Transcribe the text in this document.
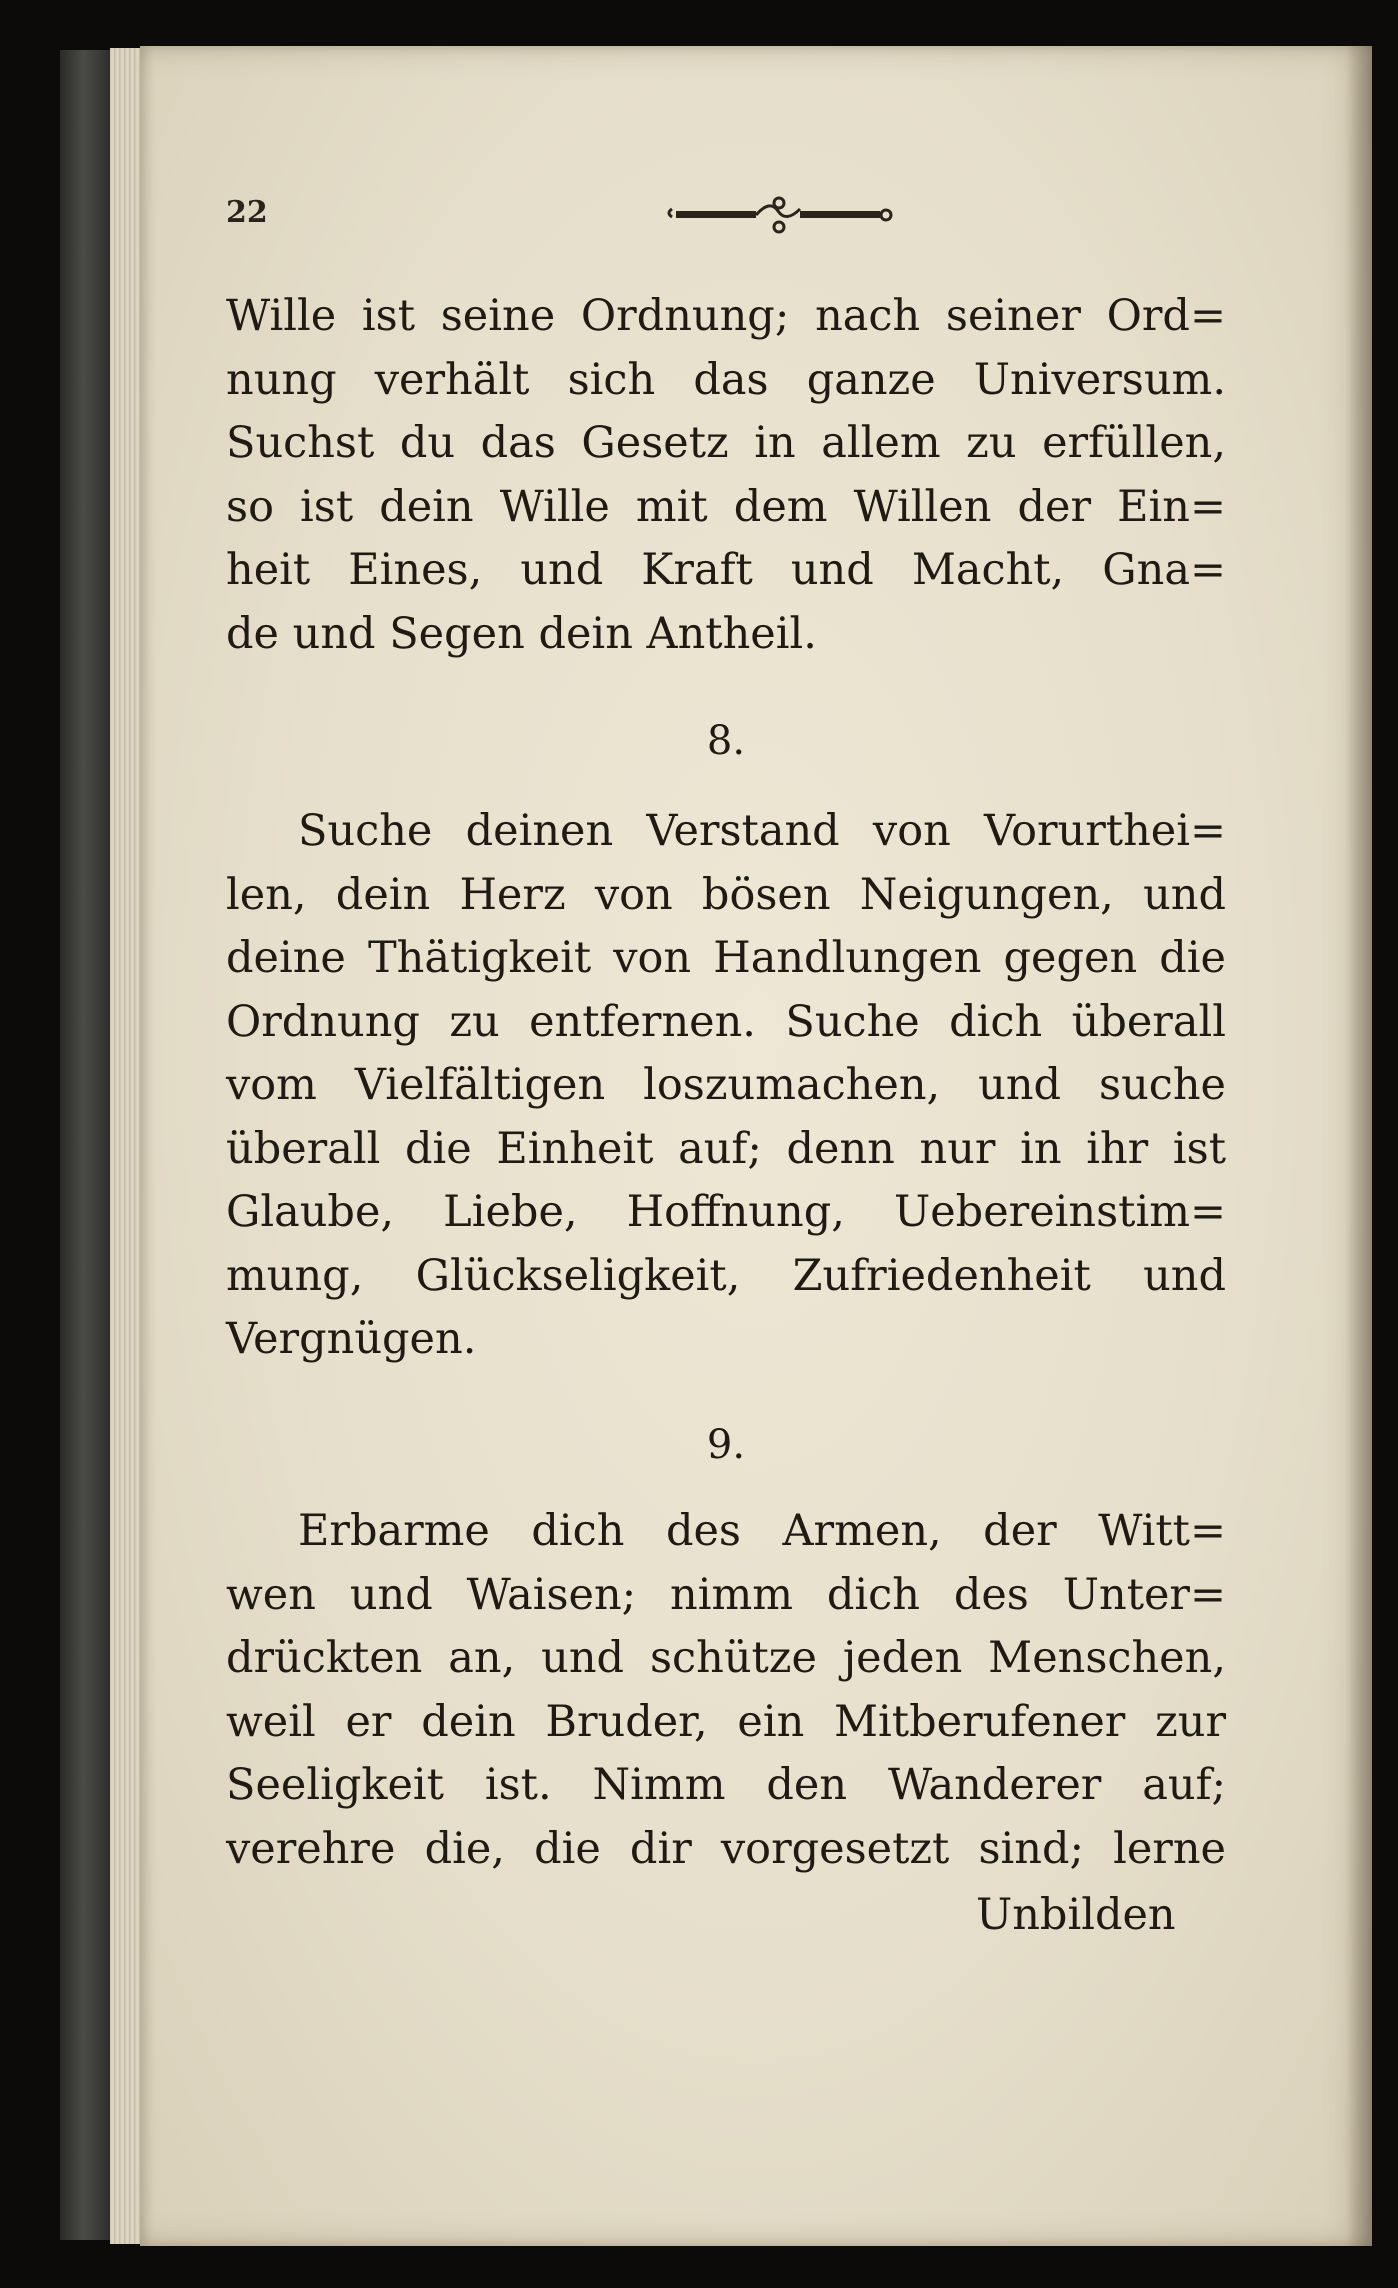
22
Wille ist seine Ordnung; nach seiner Ord=
nung verhält sich das ganze Universum.
Suchst du das Gesetz in allem zu erfüllen,
so ist dein Wille mit dem Willen der Ein=
heit Eines, und Kraft und Macht, Gna=
de und Segen dein Antheil.
8.
Suche deinen Verstand von Vorurthei=
len, dein Herz von bösen Neigungen, und
deine Thätigkeit von Handlungen gegen die
Ordnung zu entfernen. Suche dich überall
vom Vielfältigen loszumachen, und suche
überall die Einheit auf; denn nur in ihr ist
Glaube, Liebe, Hoffnung, Uebereinstim=
mung, Glückseligkeit, Zufriedenheit und
Vergnügen.
9.
Erbarme dich des Armen, der Witt=
wen und Waisen; nimm dich des Unter=
drückten an, und schütze jeden Menschen,
weil er dein Bruder, ein Mitberufener zur
Seeligkeit ist. Nimm den Wanderer auf;
verehre die, die dir vorgesetzt sind; lerne
Unbilden
